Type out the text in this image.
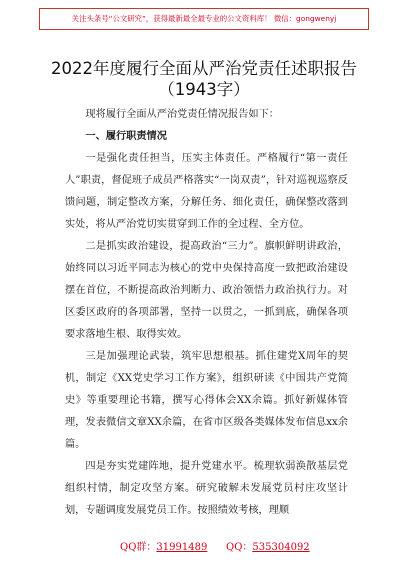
关注头条号“公文研究”，获得最新最全最专业的公文资料库！ 微信：gongwenyj
2022年度履行全面从严治党责任述职报告
（1943字）

现将履行全面从严治党责任情况报告如下：

一、履行职责情况

一是强化责任担当，压实主体责任。严格履行“第一责任人”职责，督促班子成员严格落实“一岗双责”，针对巡视巡察反馈问题，制定整改方案，分解任务、细化责任，确保整改落到实处，将从严治党切实贯穿到工作的全过程、全方位。

二是抓实政治建设，提高政治“三力”。旗帜鲜明讲政治，始终同以习近平同志为核心的党中央保持高度一致把政治建设摆在首位，不断提高政治判断力、政治领悟力政治执行力。对区委区政府的各项部署，坚持一以贯之，一抓到底，确保各项要求落地生根、取得实效。

三是加强理论武装，筑牢思想根基。抓住建党X周年的契机，制定《XX党史学习工作方案》，组织研读《中国共产党简史》等重要理论书籍，撰写心得体会XX余篇。抓好新媒体管理，发表微信文章XX余篇，在省市区级各类媒体发布信息xx余篇。

四是夯实党建阵地，提升党建水平。梳理软弱涣散基层党组织村情，制定攻坚方案。研究破解未发展党员村庄攻坚计划，专题调度发展党员工作。按照绩效考核，理顺

QQ群：31991489 QQ：535304092
